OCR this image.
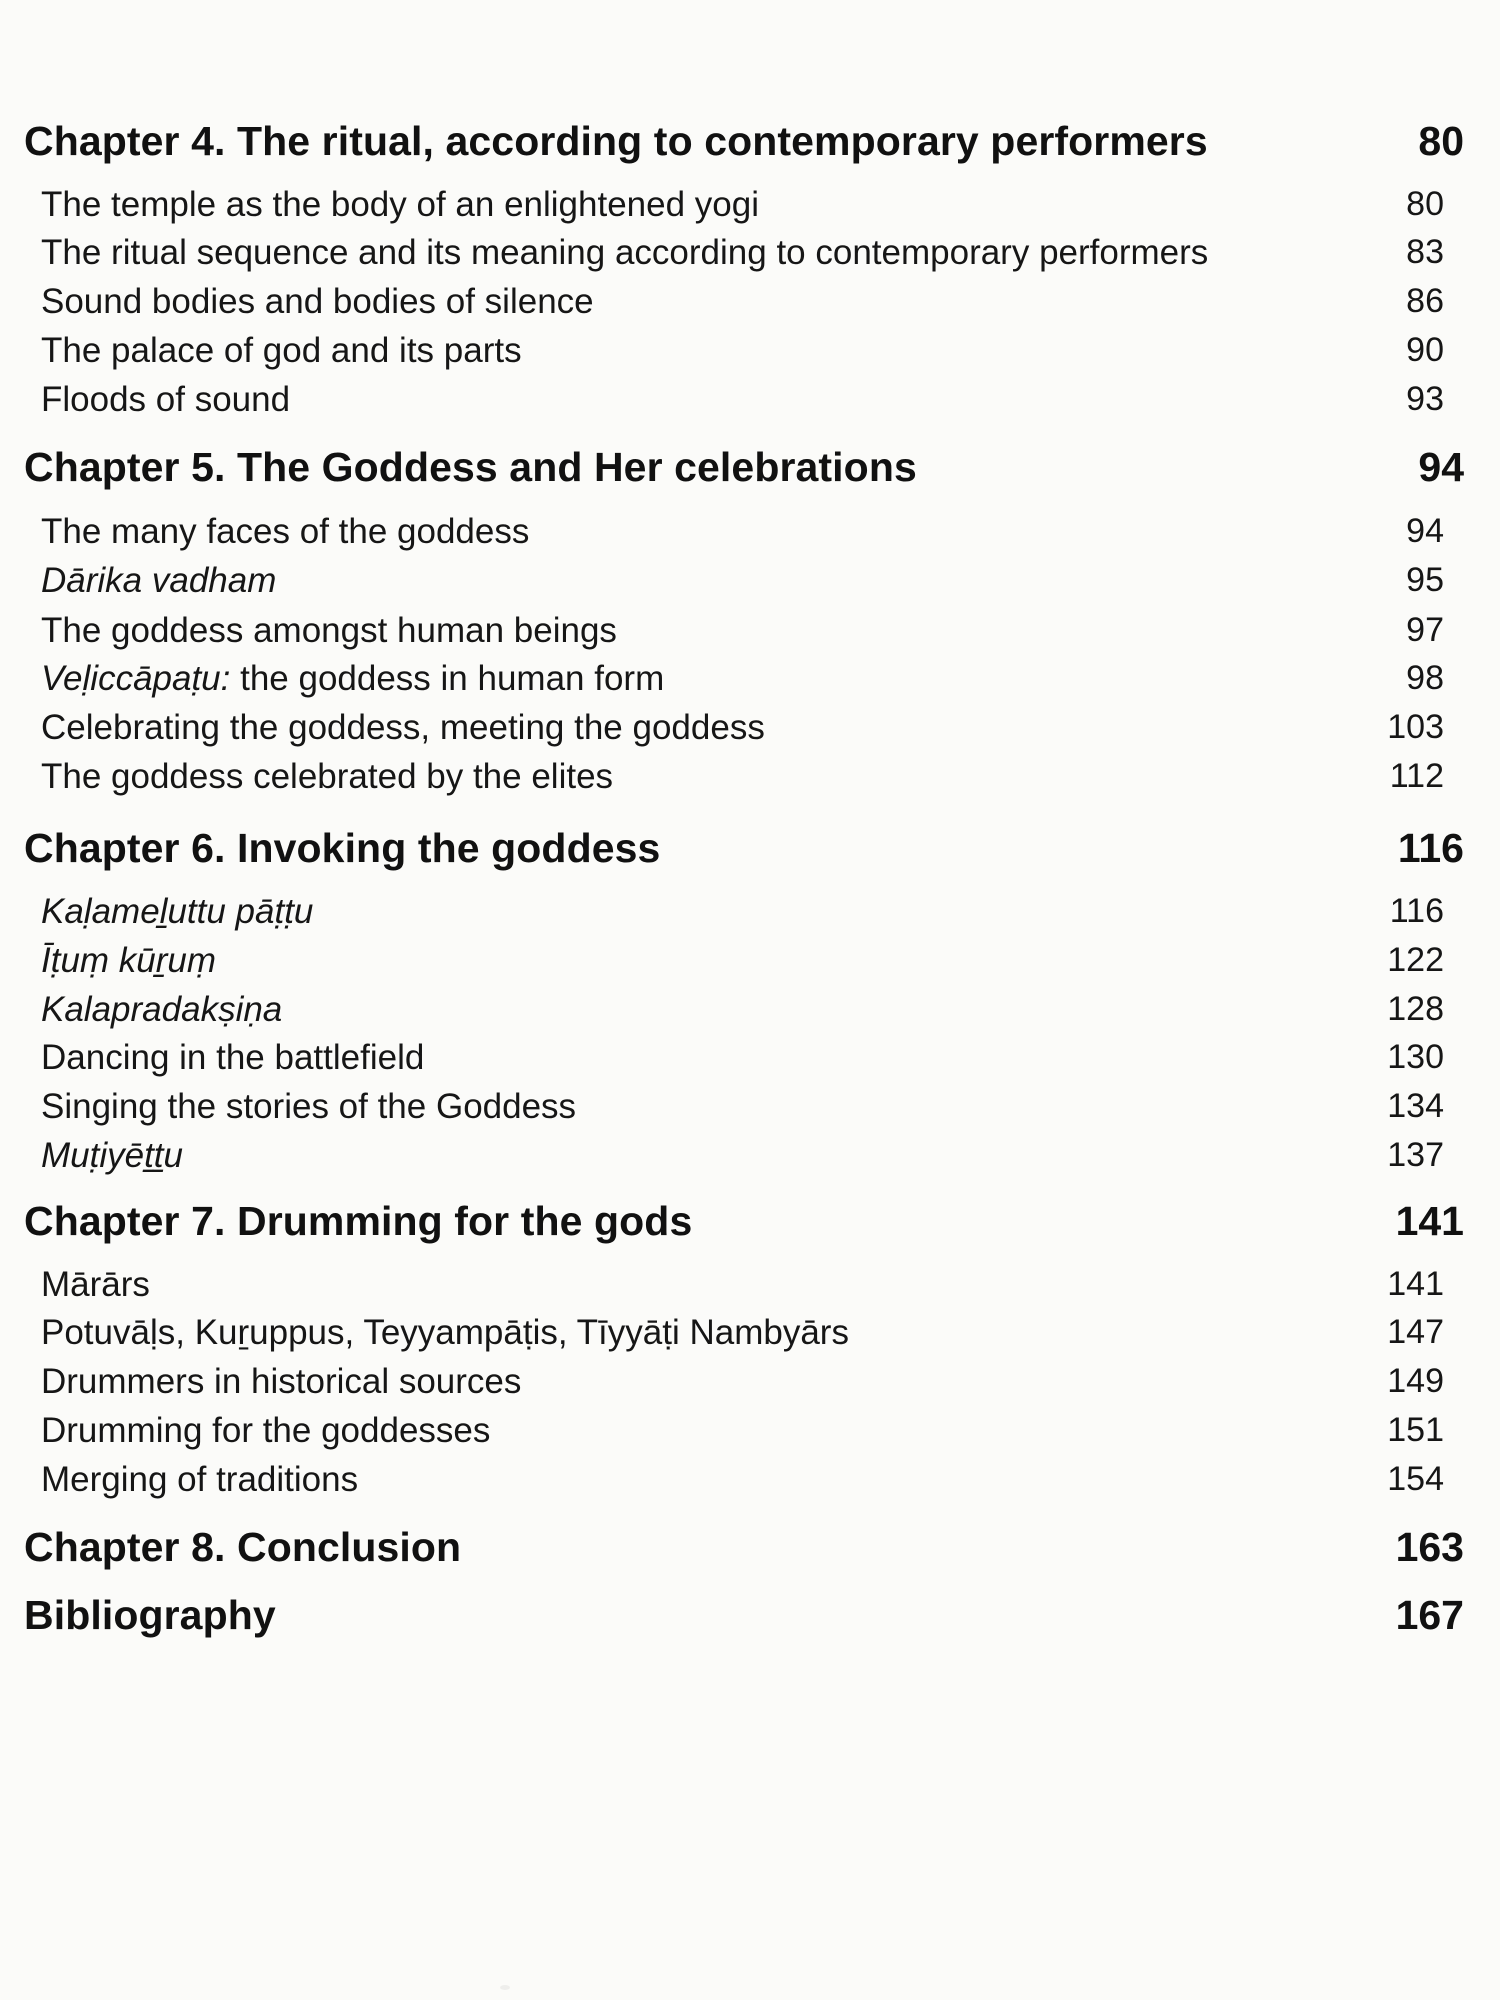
Chapter 4. The ritual, according to contemporary performers	80
The temple as the body of an enlightened yogi	80
The ritual sequence and its meaning according to contemporary performers	83
Sound bodies and bodies of silence	86
The palace of god and its parts	90
Floods of sound	93
Chapter 5. The Goddess and Her celebrations	94
The many faces of the goddess	94
Dārika vadham	95
The goddess amongst human beings	97
Veḷiccāpaṭu: the goddess in human form	98
Celebrating the goddess, meeting the goddess	103
The goddess celebrated by the elites	112
Chapter 6. Invoking the goddess	116
Kaḷameḻuttu pāṭṭu	116
Īṭuṃ kūṟuṃ	122
Kalapradakṣiṇa	128
Dancing in the battlefield	130
Singing the stories of the Goddess	134
Muṭiyēṯṯu	137
Chapter 7. Drumming for the gods	141
Mārārs	141
Potuvāḷs, Kuṟuppus, Teyyampāṭis, Tīyyāṭi Nambyārs	147
Drummers in historical sources	149
Drumming for the goddesses	151
Merging of traditions	154
Chapter 8. Conclusion	163
Bibliography	167
